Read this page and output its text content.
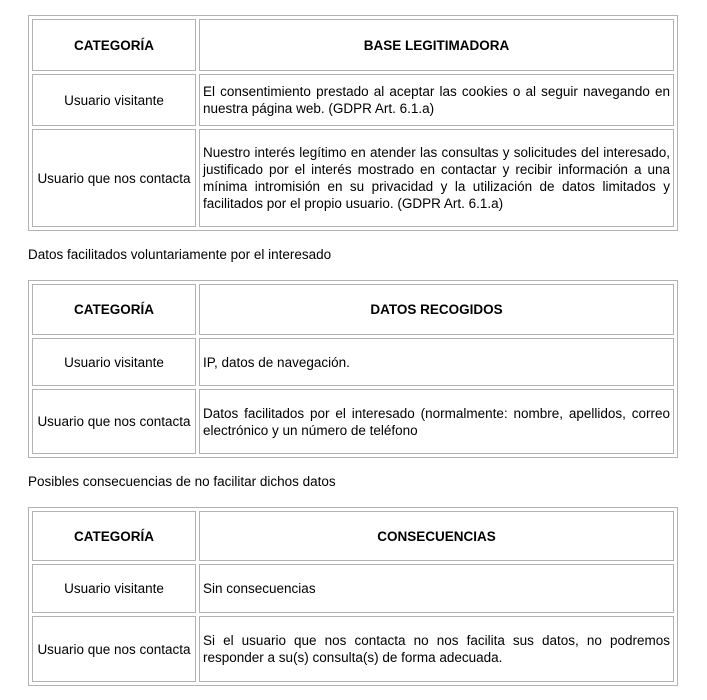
CATEGORÍA	BASE LEGITIMADORA
Usuario visitante	El consentimiento prestado al aceptar las cookies o al seguir navegando en nuestra página web. (GDPR Art. 6.1.a)
Usuario que nos contacta	Nuestro interés legítimo en atender las consultas y solicitudes del interesado, justificado por el interés mostrado en contactar y recibir información a una mínima intromisión en su privacidad y la utilización de datos limitados y facilitados por el propio usuario. (GDPR Art. 6.1.a)

Datos facilitados voluntariamente por el interesado

CATEGORÍA	DATOS RECOGIDOS
Usuario visitante	IP, datos de navegación.
Usuario que nos contacta	Datos facilitados por el interesado (normalmente: nombre, apellidos, correo electrónico y un número de teléfono

Posibles consecuencias de no facilitar dichos datos

CATEGORÍA	CONSECUENCIAS
Usuario visitante	Sin consecuencias
Usuario que nos contacta	Si el usuario que nos contacta no nos facilita sus datos, no podremos responder a su(s) consulta(s) de forma adecuada.
